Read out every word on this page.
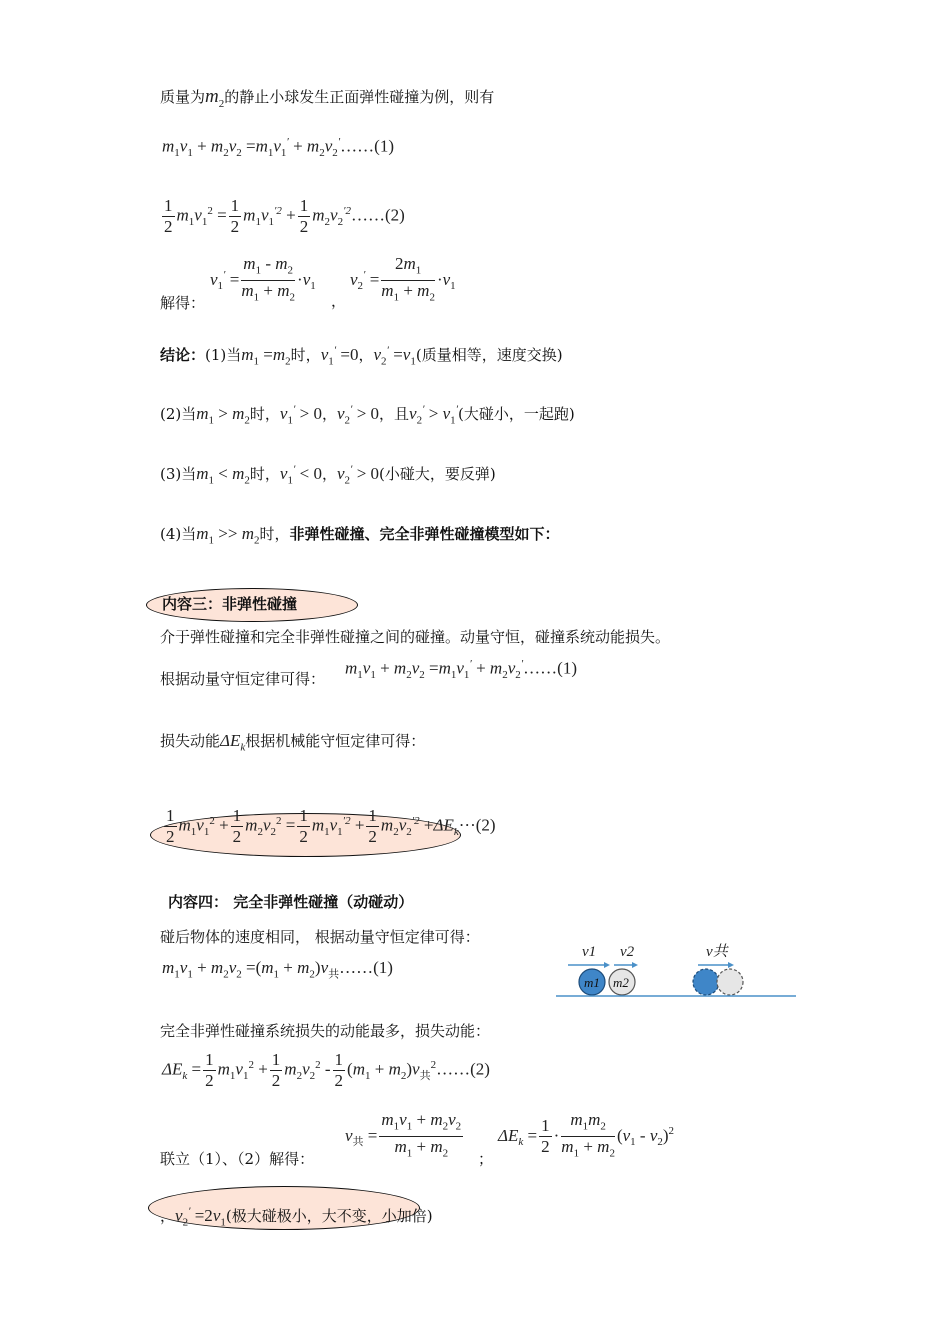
质量为$m_2$的静止小球发生正面弹性碰撞为例，则有
$m_1v_1 + m_2v_2 =m_1v_1'$ + $m_2v_2'\dots\dots(1)$
$\frac{1}{2} m_1v_1^2 = \frac{1}{2} m_1v_1^{'2} + \frac{1}{2}$ $m_2v_2^{'2}\dots\dots(2)$
$v_1' = \frac{m_1 - m_2}{m_1 + m_2} \cdot v_1$
，
$v_2' = \frac{2m_1}{m_1 + m_2} \cdot v_1$
解得：
结论：(1)当$m_1 =m_2$时，$v_1' =0$，$v_2' =v_1$(质量相等，速度交换)
(2)当$m_1 > m_2$时，$v_1' > 0$，$v_2' > 0$，且$v_2' > v_1'$(大碰小，一起跑)
(3)当$m_1 < m_2$时，$v_1' < 0$，$v_2' > 0$(小碰大，要反弹)
(4)当$m_1 >> m_2$时，非弹性碰撞、完全非弹性碰撞模型如下：
内容三：非弹性碰撞
介于弹性碰撞和完全非弹性碰撞之间的碰撞。动量守恒，碰撞系统动能损失。
根据动量守恒定律可得：
$m_1v_1 + m_2v_2 =m_1v_1'$ + $m_2v_2'\dots\dots(1)$
损失动能$\Delta E_k$根据机械能守恒定律可得：
$\frac{1}{2} m_1v_1^2 + \frac{1}{2} m_2v_2^2 = \frac{1}{2} m_1v_1^{'2} + \frac{1}{2} m_2v_2^{'2} +\Delta E_k\cdot\cdot\cdot(2)$
内容四： 完全非弹性碰撞（动碰动）
碰后物体的速度相同， 根据动量守恒定律可得：
$m_1v_1 + m_2v_2 =(m_1$ + $m_2)v_共\dots\dots(1)$
v1 v2	v共
m1 m2
完全非弹性碰撞系统损失的动能最多，损失动能：
$\Delta E_k = \frac{1}{2} m_1v_1^2 + \frac{1}{2} m_2v_2^2 - \frac{1}{2} (m_1$ + $m_2)v_共^2\dots\dots(2)$
$v_共 = \frac{m_1v_1 + m_2v_2}{m_1 + m_2}$ ；
$\Delta E_k = \frac{1}{2} \cdot \frac{m_1m_2}{m_1 + m_2} (v_1 - v_2)^2$
联立（1）、（2）解得：
，$v_2' =2v_1$(极大碰极小，大不变，小加倍)
